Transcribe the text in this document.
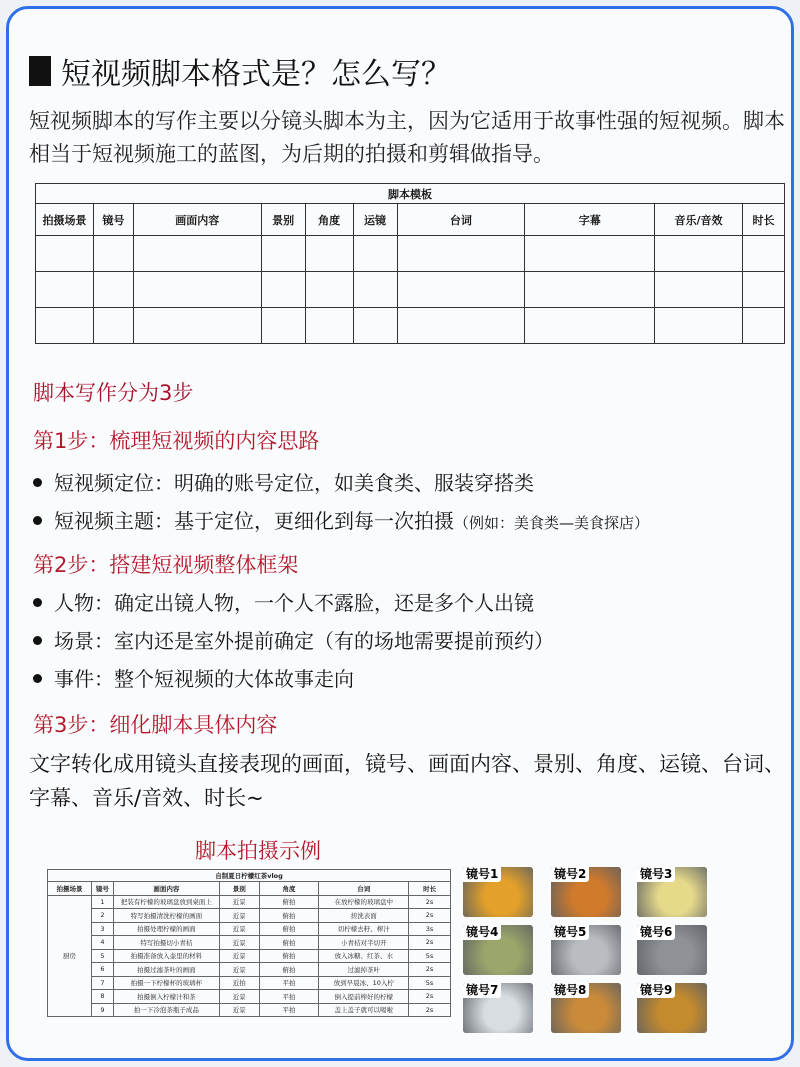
短视频脚本格式是？怎么写？
短视频脚本的写作主要以分镜头脚本为主，因为它适用于故事性强的短视频。脚本相当于短视频施工的蓝图，为后期的拍摄和剪辑做指导。
脚本模板									
拍摄场景	镜号	画面内容	景别	角度	运镜	台词	字幕	音乐/音效	时长

脚本写作分为3步
第1步：梳理短视频的内容思路
短视频定位：明确的账号定位，如美食类、服装穿搭类
短视频主题：基于定位，更细化到每一次拍摄（例如：美食类—美食探店）
第2步：搭建短视频整体框架
人物：确定出镜人物，一个人不露脸，还是多个人出镜
场景：室内还是室外提前确定（有的场地需要提前预约）
事件：整个短视频的大体故事走向
第3步：细化脚本具体内容
文字转化成用镜头直接表现的画面，镜号、画面内容、景别、角度、运镜、台词、字幕、音乐/音效、时长~
脚本拍摄示例
自制夏日柠檬红茶vlog						
拍摄场景	镜号	画面内容	景别	角度	台词	时长
厨房	1	把装有柠檬的玻璃盘放到桌面上	近景	俯拍	在放柠檬的玻璃盘中	2s
	2	特写拍摄清洗柠檬的画面	近景	俯拍	搓洗表面	2s
	3	拍摄处理柠檬的画面	近景	俯拍	切柠檬去籽、榨汁	3s
	4	特写拍摄切小青桔	近景	俯拍	小青桔对半切开	2s
	5	拍摄准备放入壶里的材料	近景	俯拍	放入冰糖、红茶、水	5s
	6	拍摄过滤茶叶的画面	近景	俯拍	过滤掉茶叶	2s
	7	拍摄一下柠檬杯的玻璃杯	近拍	平拍	放到早晨冰、10入柠	5s
	8	拍摄倒入柠檬汁和茶	近景	平拍	倒入提前榨好的柠檬	2s
	9	拍一下冷泡茶瓶子成品	近景	平拍	盖上盖子就可以喝啦	2s
镜号1	镜号2	镜号3
镜号4	镜号5	镜号6
镜号7	镜号8	镜号9
